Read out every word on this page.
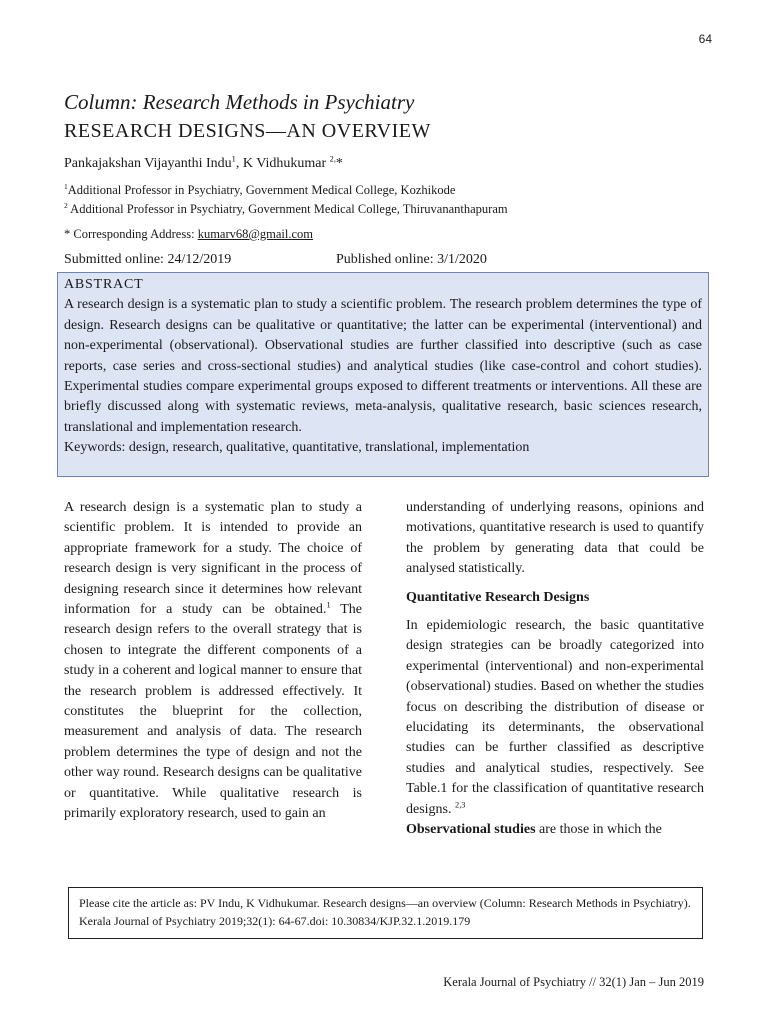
64
Column: Research Methods in Psychiatry
RESEARCH DESIGNS—AN OVERVIEW
Pankajakshan Vijayanthi Indu$^1$, K Vidhukumar $^{2,}$*
$^1$Additional Professor in Psychiatry, Government Medical College, Kozhikode
$^2$ Additional Professor in Psychiatry, Government Medical College, Thiruvananthapuram
* Corresponding Address: kumarv68@gmail.com
Submitted online: 24/12/2019	Published online: 3/1/2020
ABSTRACT
A research design is a systematic plan to study a scientific problem. The research problem determines the type of design. Research designs can be qualitative or quantitative; the latter can be experimental (interventional) and non-experimental (observational). Observational studies are further classified into descriptive (such as case reports, case series and cross-sectional studies) and analytical studies (like case-control and cohort studies). Experimental studies compare experimental groups exposed to different treatments or interventions. All these are briefly discussed along with systematic reviews, meta-analysis, qualitative research, basic sciences research, translational and implementation research.
Keywords: design, research, qualitative, quantitative, translational, implementation

A research design is a systematic plan to study a scientific problem. It is intended to provide an appropriate framework for a study. The choice of research design is very significant in the process of designing research since it determines how relevant information for a study can be obtained.$^1$ The research design refers to the overall strategy that is chosen to integrate the different components of a study in a coherent and logical manner to ensure that the research problem is addressed effectively. It constitutes the blueprint for the collection, measurement and analysis of data. The research problem determines the type of design and not the other way round. Research designs can be qualitative or quantitative. While qualitative research is primarily exploratory research, used to gain an

understanding of underlying reasons, opinions and motivations, quantitative research is used to quantify the problem by generating data that could be analysed statistically.

Quantitative Research Designs

In epidemiologic research, the basic quantitative design strategies can be broadly categorized into experimental (interventional) and non-experimental (observational) studies. Based on whether the studies focus on describing the distribution of disease or elucidating its determinants, the observational studies can be further classified as descriptive studies and analytical studies, respectively. See Table.1 for the classification of quantitative research designs. $^{2,3}$

Observational studies are those in which the

Please cite the article as: PV Indu, K Vidhukumar. Research designs—an overview (Column: Research Methods in Psychiatry). Kerala Journal of Psychiatry 2019;32(1): 64-67.doi: 10.30834/KJP.32.1.2019.179
Kerala Journal of Psychiatry // 32(1) Jan – Jun 2019
